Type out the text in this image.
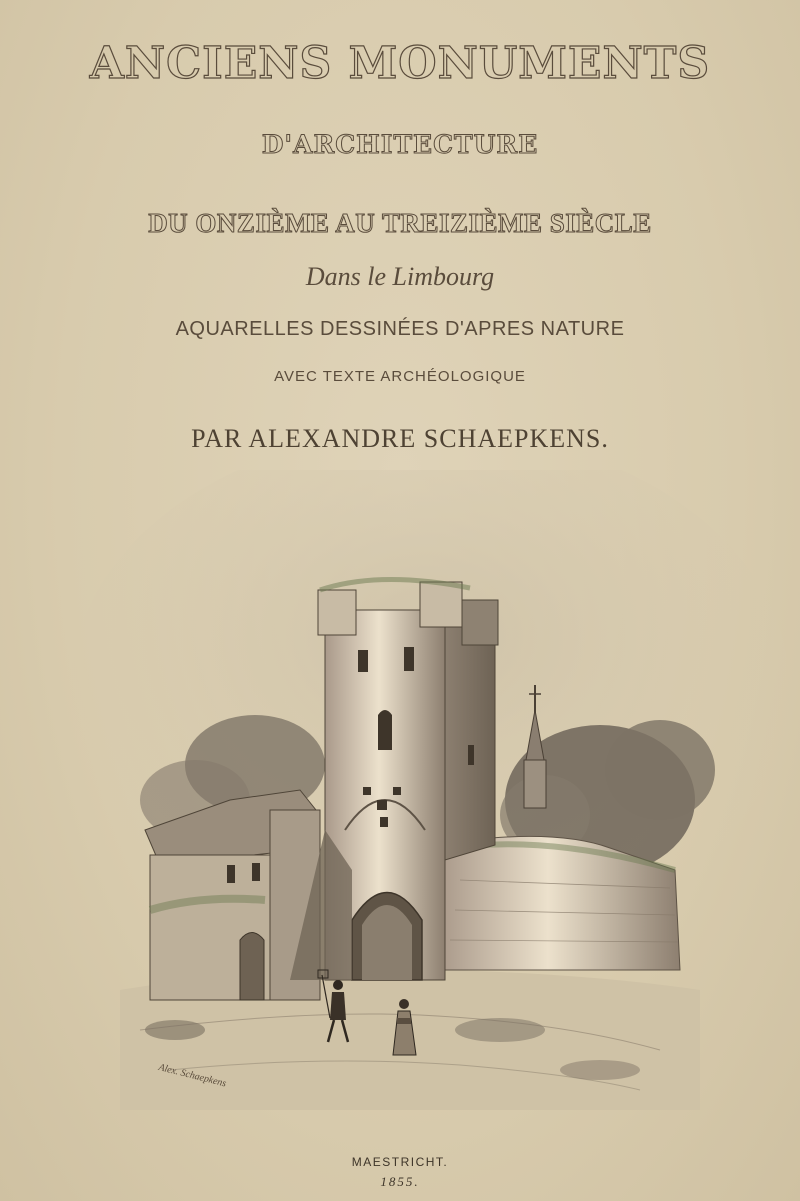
ANCIENS MONUMENTS
D'ARCHITECTURE
DU ONZIÈME AU TREIZIÈME SIÈCLE
Dans le Limbourg
AQUARELLES DESSINÉES D'APRES NATURE
AVEC TEXTE ARCHÉOLOGIQUE
PAR ALEXANDRE SCHAEPKENS.
Alex. Schaepkens
MAESTRICHT.
1855.
